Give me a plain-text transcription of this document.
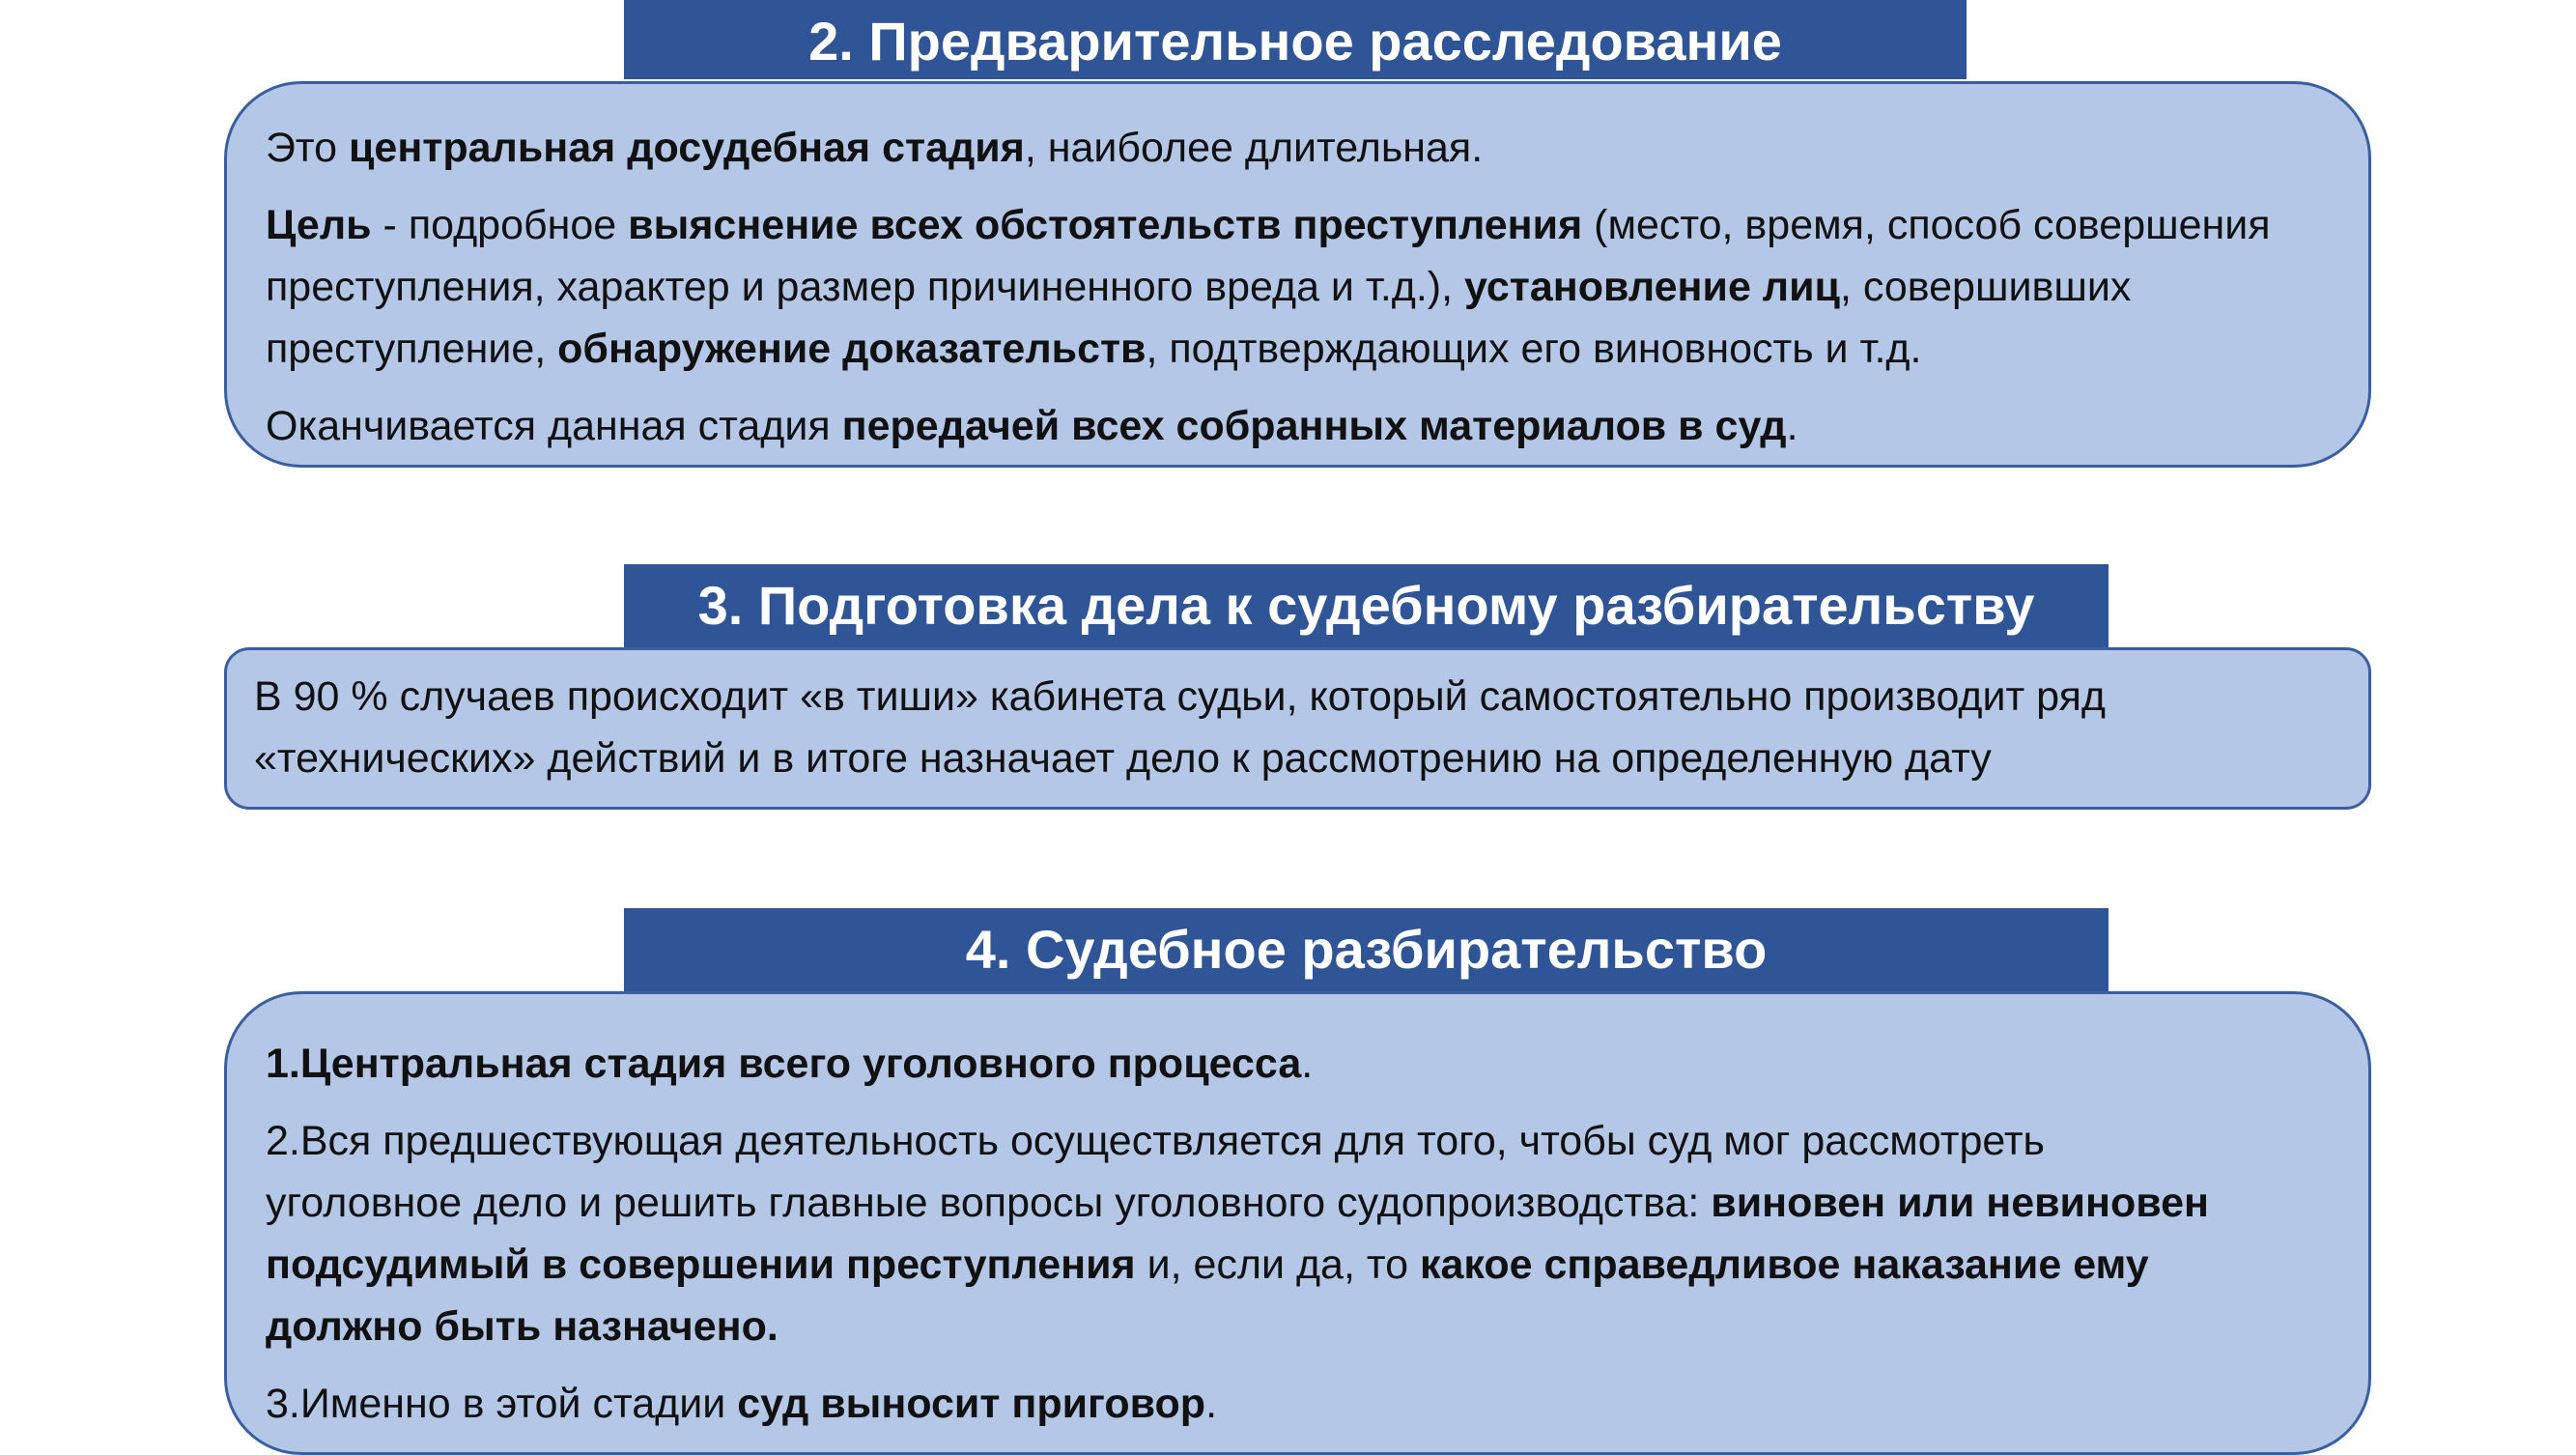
2. Предварительное расследование

Это центральная досудебная стадия, наиболее длительная.

Цель - подробное выяснение всех обстоятельств преступления (место, время, способ совершения
преступления, характер и размер причиненного вреда и т.д.), установление лиц, совершивших
преступление, обнаружение доказательств, подтверждающих его виновность и т.д.

Оканчивается данная стадия передачей всех собранных материалов в суд.

3. Подготовка дела к судебному разбирательству

В 90 % случаев происходит «в тиши» кабинета судьи, который самостоятельно производит ряд
«технических» действий и в итоге назначает дело к рассмотрению на определенную дату

4. Судебное разбирательство

1.Центральная стадия всего уголовного процесса.

2.Вся предшествующая деятельность осуществляется для того, чтобы суд мог рассмотреть
уголовное дело и решить главные вопросы уголовного судопроизводства: виновен или невиновен
подсудимый в совершении преступления и, если да, то какое справедливое наказание ему
должно быть назначено.

3.Именно в этой стадии суд выносит приговор.
